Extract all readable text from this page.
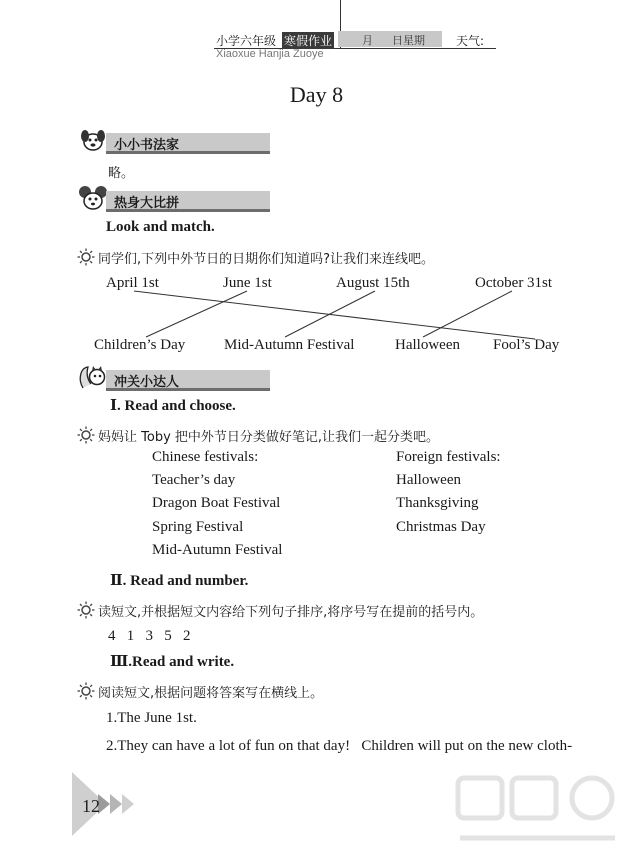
小学六年级 寒假作业	月 日星期	天气:
Xiaoxue Hanjia Zuoye
Day 8
小小书法家
略。
热身大比拼
Look and match.
同学们,下列中外节日的日期你们知道吗?让我们来连线吧。
April 1st	June 1st	August 15th	October 31st
Children’s Day	Mid-Autumn Festival	Halloween Fool’s Day
冲关小达人
Ⅰ. Read and choose.
妈妈让 Toby 把中外节日分类做好笔记,让我们一起分类吧。
Chinese festivals:
Teacher’s day
Dragon Boat Festival
Spring Festival
Mid-Autumn Festival
Foreign festivals:
Halloween
Thanksgiving
Christmas Day
Ⅱ. Read and number.
读短文,并根据短文内容给下列句子排序,将序号写在提前的括号内。
4   1   3   5   2
Ⅲ.Read and write.
阅读短文,根据问题将答案写在横线上。
1.The June 1st.
2.They can have a lot of fun on that day!   Children will put on the new cloth-
12
